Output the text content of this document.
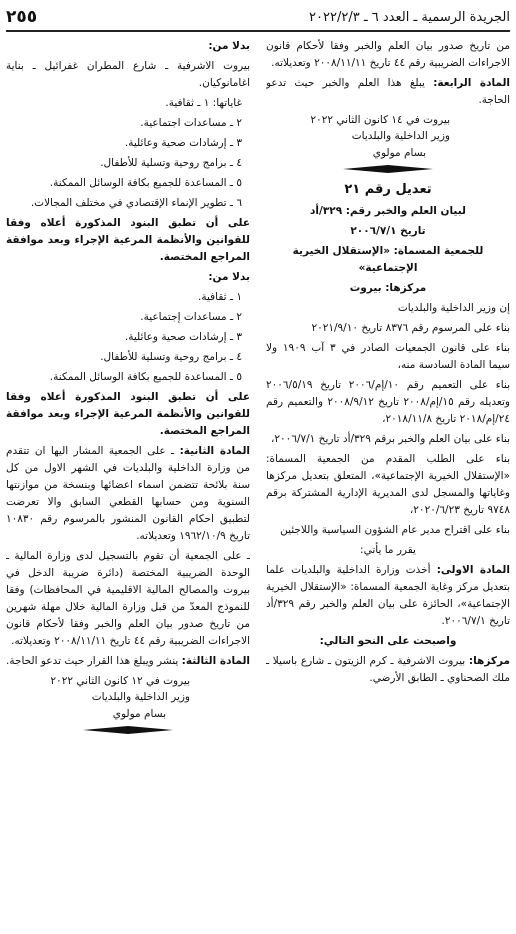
٢٥٥	الجريدة الرسمية ـ العدد ٦ ـ ٢٠٢٢/٢/٣

من تاريخ صدور بيان العلم والخبر وفقا لأحكام قانون الاجراءات الضريبية رقم ٤٤ تاريخ ٢٠٠٨/١١/١١ وتعديلاته.

المادة الرابعة: يبلغ هذا العلم والخبر حيث تدعو الحاجة.

بيروت في ١٤ كانون الثاني ٢٠٢٢
وزير الداخلية والبلديات
بسام مولوي

تعديل رقم ٢١

لبيان العلم والخبر رقم: ٣٢٩/أد

تاريخ ٢٠٠٦/٧/١

للجمعية المسماة: «الإستقلال الخيرية الإجتماعية»

مركزها: بيروت

إن وزير الداخلية والبلديات

بناء على المرسوم رقم ٨٣٧٦ تاريخ ٢٠٢١/٩/١٠

بناء على قانون الجمعيات الصادر في ٣ آب ١٩٠٩ ولا سيما المادة السادسة منه،

بناء على التعميم رقم ١٠/إم/٢٠٠٦ تاريخ ٢٠٠٦/٥/١٩ وتعديله رقم ١٥/إم/٢٠٠٨ تاريخ ٢٠٠٨/٩/١٢ والتعميم رقم ٢٤/إم/٢٠١٨ تاريخ ٢٠١٨/١١/٨،

بناء على بيان العلم والخبر برقم ٣٢٩/أد تاريخ ٢٠٠٦/٧/١،

بناء على الطلب المقدم من الجمعية المسماة: «الإستقلال الخيرية الإجتماعية»، المتعلق بتعديل مركزها وغاياتها والمسجل لدى المديرية الإدارية المشتركة برقم ٩٧٤٨ تاريخ ٢٠٢٠/٦/٢٣،

بناء على اقتراح مدير عام الشؤون السياسية واللاجئين

يقرر ما يأتي:

المادة الاولى: أخذت وزارة الداخلية والبلديات علما بتعديل مركز وغاية الجمعية المسماة: «الإستقلال الخيرية الإجتماعية»، الحائزة على بيان العلم والخبر رقم ٣٢٩/أد تاريخ ٢٠٠٦/٧/١.

واصبحت على النحو التالي:

مركزها: بيروت الاشرفية ـ كرم الزيتون ـ شارع باسيلا ـ ملك الصحناوي ـ الطابق الأرضي.

بدلا من:

بيروت الاشرفية ـ شارع المطران غفرائيل ـ بناية اغامانوكيان.

غاياتها: ١ ـ ثقافية.

٢ ـ مساعدات اجتماعية.

٣ ـ إرشادات صحية وعائلية.

٤ ـ برامج روحية وتسلية للأطفال.

٥ ـ المساعدة للجميع بكافة الوسائل الممكنة.

٦ ـ تطوير الإنماء الإقتصادي في مختلف المجالات.

على أن تطبق البنود المذكورة أعلاه وفقا للقوانين والأنظمة المرعية الإجراء وبعد موافقة المراجع المختصة.

بدلا من:

١ ـ ثقافية.

٢ ـ مساعدات إجتماعية.

٣ ـ إرشادات صحية وعائلية.

٤ ـ برامج روحية وتسلية للأطفال.

٥ ـ المساعدة للجميع بكافة الوسائل الممكنة.

على أن تطبق البنود المذكورة أعلاه وفقا للقوانين والأنظمة المرعية الإجراء وبعد موافقة المراجع المختصة.

المادة الثانية: ـ على الجمعية المشار اليها ان تتقدم من وزارة الداخلية والبلديات في الشهر الاول من كل سنة بلائحة تتضمن اسماء اعضائها وبنسخة من موازنتها السنوية ومن حسابها القطعي السابق والا تعرضت لتطبيق احكام القانون المنشور بالمرسوم رقم ١٠٨٣٠ تاريخ ١٩٦٢/١٠/٩ وتعديلاته.

ـ على الجمعية أن تقوم بالتسجيل لدى وزارة المالية ـ الوحدة الضريبية المختصة (دائرة ضريبة الدخل في بيروت والمصالح المالية الاقليمية في المحافظات) وفقا للنموذج المعدّ من قبل وزارة المالية خلال مهلة شهرين من تاريخ صدور بيان العلم والخبر وفقا لأحكام قانون الاجراءات الضريبية رقم ٤٤ تاريخ ٢٠٠٨/١١/١١ وتعديلاته.

المادة الثالثة: ينشر ويبلغ هذا القرار حيث تدعو الحاجة.

بيروت في ١٢ كانون الثاني ٢٠٢٢
وزير الداخلية والبلديات
بسام مولوي
